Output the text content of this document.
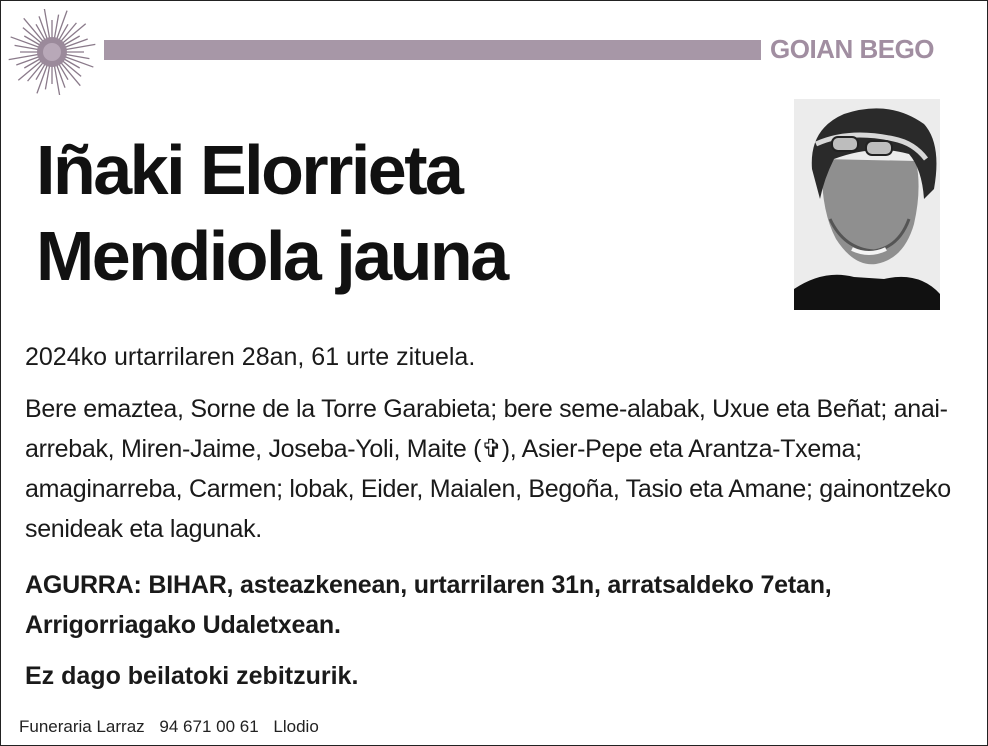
GOIAN BEGO
Iñaki Elorrieta
Mendiola jauna
2024ko urtarrilaren 28an, 61 urte zituela.
Bere emaztea, Sorne de la Torre Garabieta; bere seme-alabak, Uxue eta Beñat; anai-arrebak, Miren-Jaime, Joseba-Yoli, Maite (✞), Asier-Pepe eta Arantza-Txema; amaginarreba, Carmen; lobak, Eider, Maialen, Begoña, Tasio eta Amane; gainontzeko senideak eta lagunak.
AGURRA: BIHAR, asteazkenean, urtarrilaren 31n, arratsaldeko 7etan, Arrigorriagako Udaletxean.
Ez dago beilatoki zebitzurik.
Funeraria Larraz 94 671 00 61 Llodio
